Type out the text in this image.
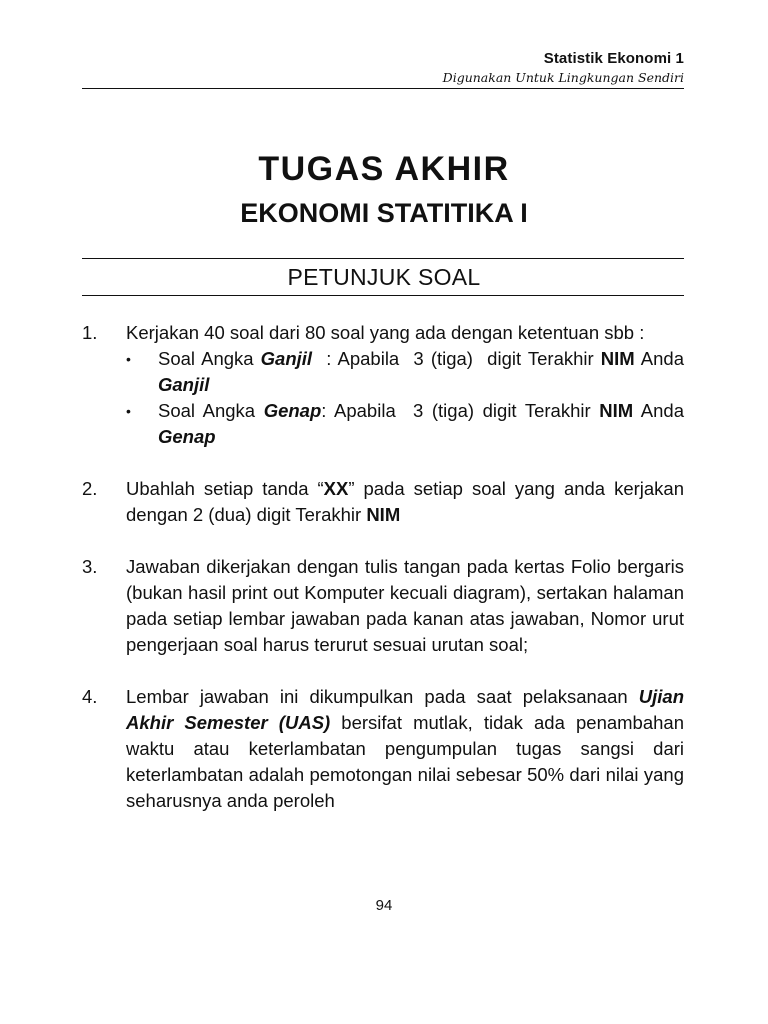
Statistik Ekonomi 1
Digunakan Untuk Lingkungan Sendiri
TUGAS AKHIR
EKONOMI STATITIKA I
PETUNJUK SOAL
1.	Kerjakan 40 soal dari 80 soal yang ada dengan ketentuan sbb :
•	Soal Angka Ganjil  : Apabila  3 (tiga)  digit Terakhir NIM Anda Ganjil
•	Soal Angka Genap: Apabila  3 (tiga) digit Terakhir NIM Anda Genap
2.	Ubahlah setiap tanda “XX” pada setiap soal yang anda kerjakan dengan 2 (dua) digit Terakhir NIM
3.	Jawaban dikerjakan dengan tulis tangan pada kertas Folio bergaris (bukan hasil print out Komputer kecuali diagram), sertakan halaman pada setiap lembar jawaban pada kanan atas jawaban, Nomor urut pengerjaan soal harus terurut sesuai urutan soal;
4.	Lembar jawaban ini dikumpulkan pada saat pelaksanaan Ujian Akhir Semester (UAS) bersifat mutlak, tidak ada penambahan waktu atau keterlambatan pengumpulan tugas sangsi dari keterlambatan adalah pemotongan nilai sebesar 50% dari nilai yang seharusnya anda peroleh
94
